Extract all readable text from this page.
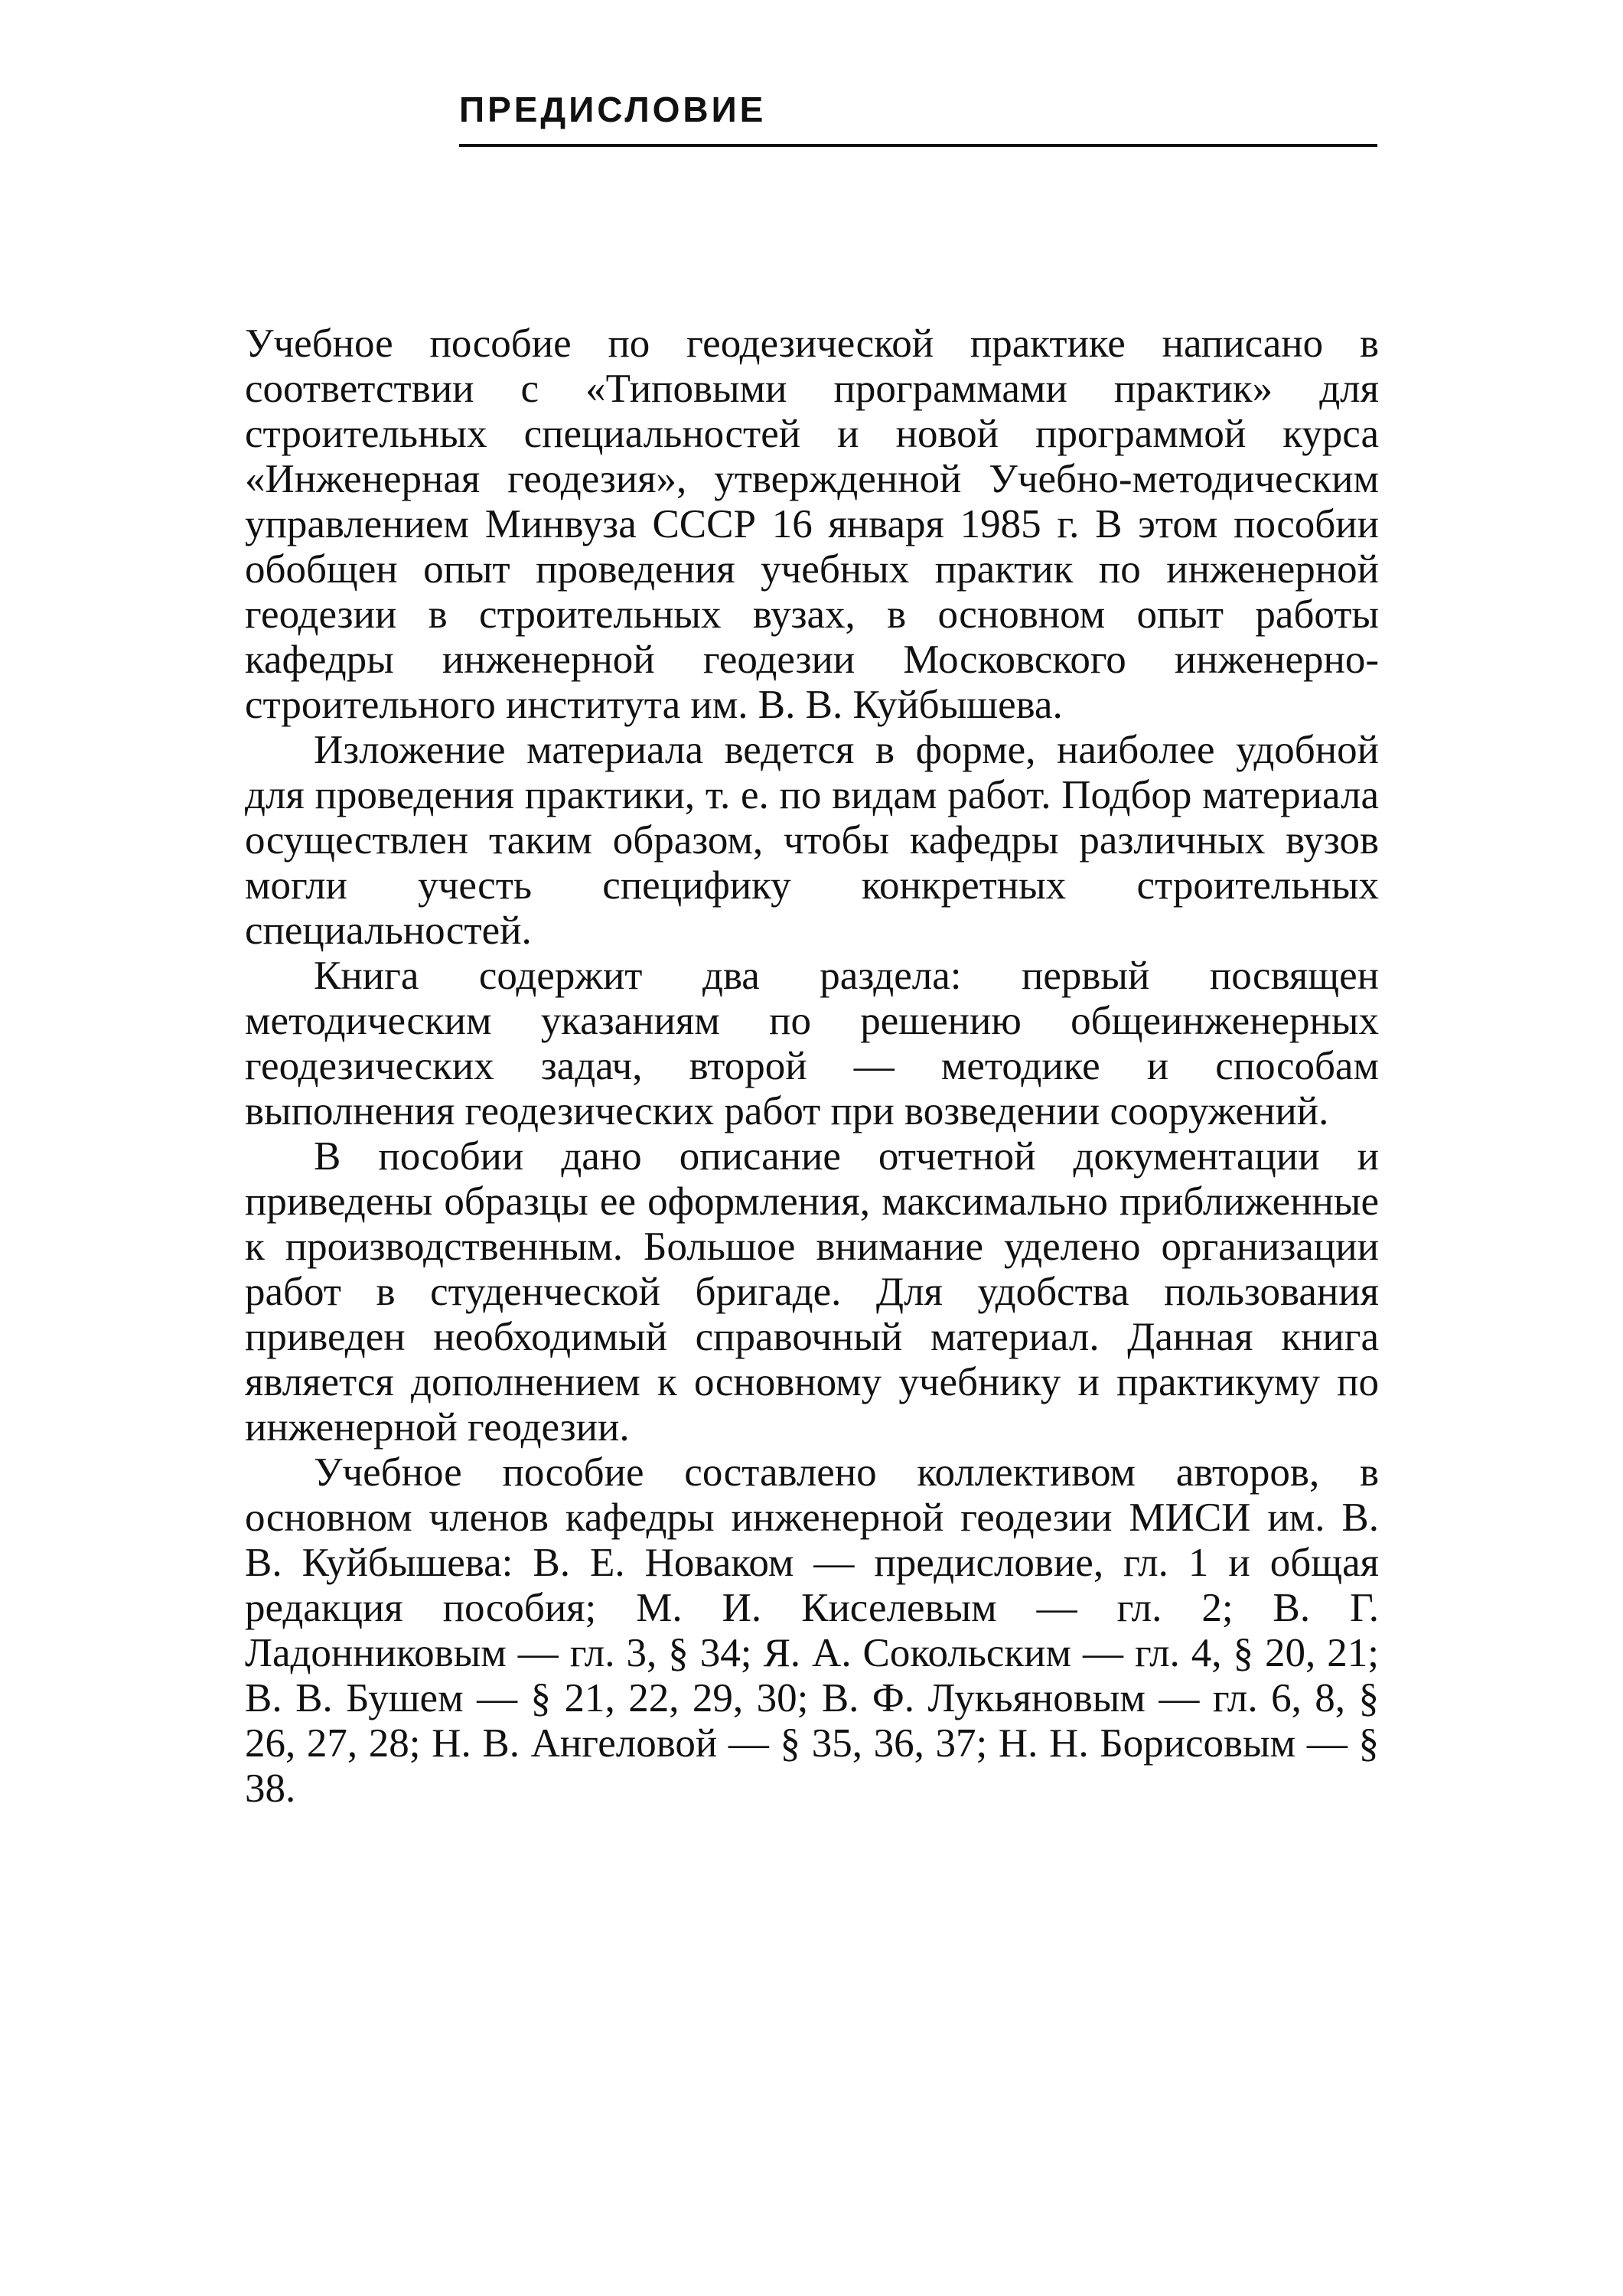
ПРЕДИСЛОВИЕ

Учебное пособие по геодезической практике написано в соответствии с «Типовыми программами практик» для строительных специальностей и новой программой курса «Инженерная геодезия», утвержденной Учебно-методическим управлением Минвуза СССР 16 января 1985 г. В этом пособии обобщен опыт проведения учебных практик по инженерной геодезии в строительных вузах, в основном опыт работы кафедры инженерной геодезии Московского инженерно-строительного института им. В. В. Куйбышева.

Изложение материала ведется в форме, наиболее удобной для проведения практики, т. е. по видам работ. Подбор материала осуществлен таким образом, чтобы кафедры различных вузов могли учесть специфику конкретных строительных специальностей.

Книга содержит два раздела: первый посвящен методическим указаниям по решению общеинженерных геодезических задач, второй — методике и способам выполнения геодезических работ при возведении сооружений.

В пособии дано описание отчетной документации и приведены образцы ее оформления, максимально приближенные к производственным. Большое внимание уделено организации работ в студенческой бригаде. Для удобства пользования приведен необходимый справочный материал. Данная книга является дополнением к основному учебнику и практикуму по инженерной геодезии.

Учебное пособие составлено коллективом авторов, в основном членов кафедры инженерной геодезии МИСИ им. В. В. Куйбышева: В. Е. Новаком — предисловие, гл. 1 и общая редакция пособия; М. И. Киселевым — гл. 2; В. Г. Ладонниковым — гл. 3, § 34; Я. А. Сокольским — гл. 4, § 20, 21; В. В. Бушем — § 21, 22, 29, 30; В. Ф. Лукьяновым — гл. 6, 8, § 26, 27, 28; Н. В. Ангеловой — § 35, 36, 37; Н. Н. Борисовым — § 38.
